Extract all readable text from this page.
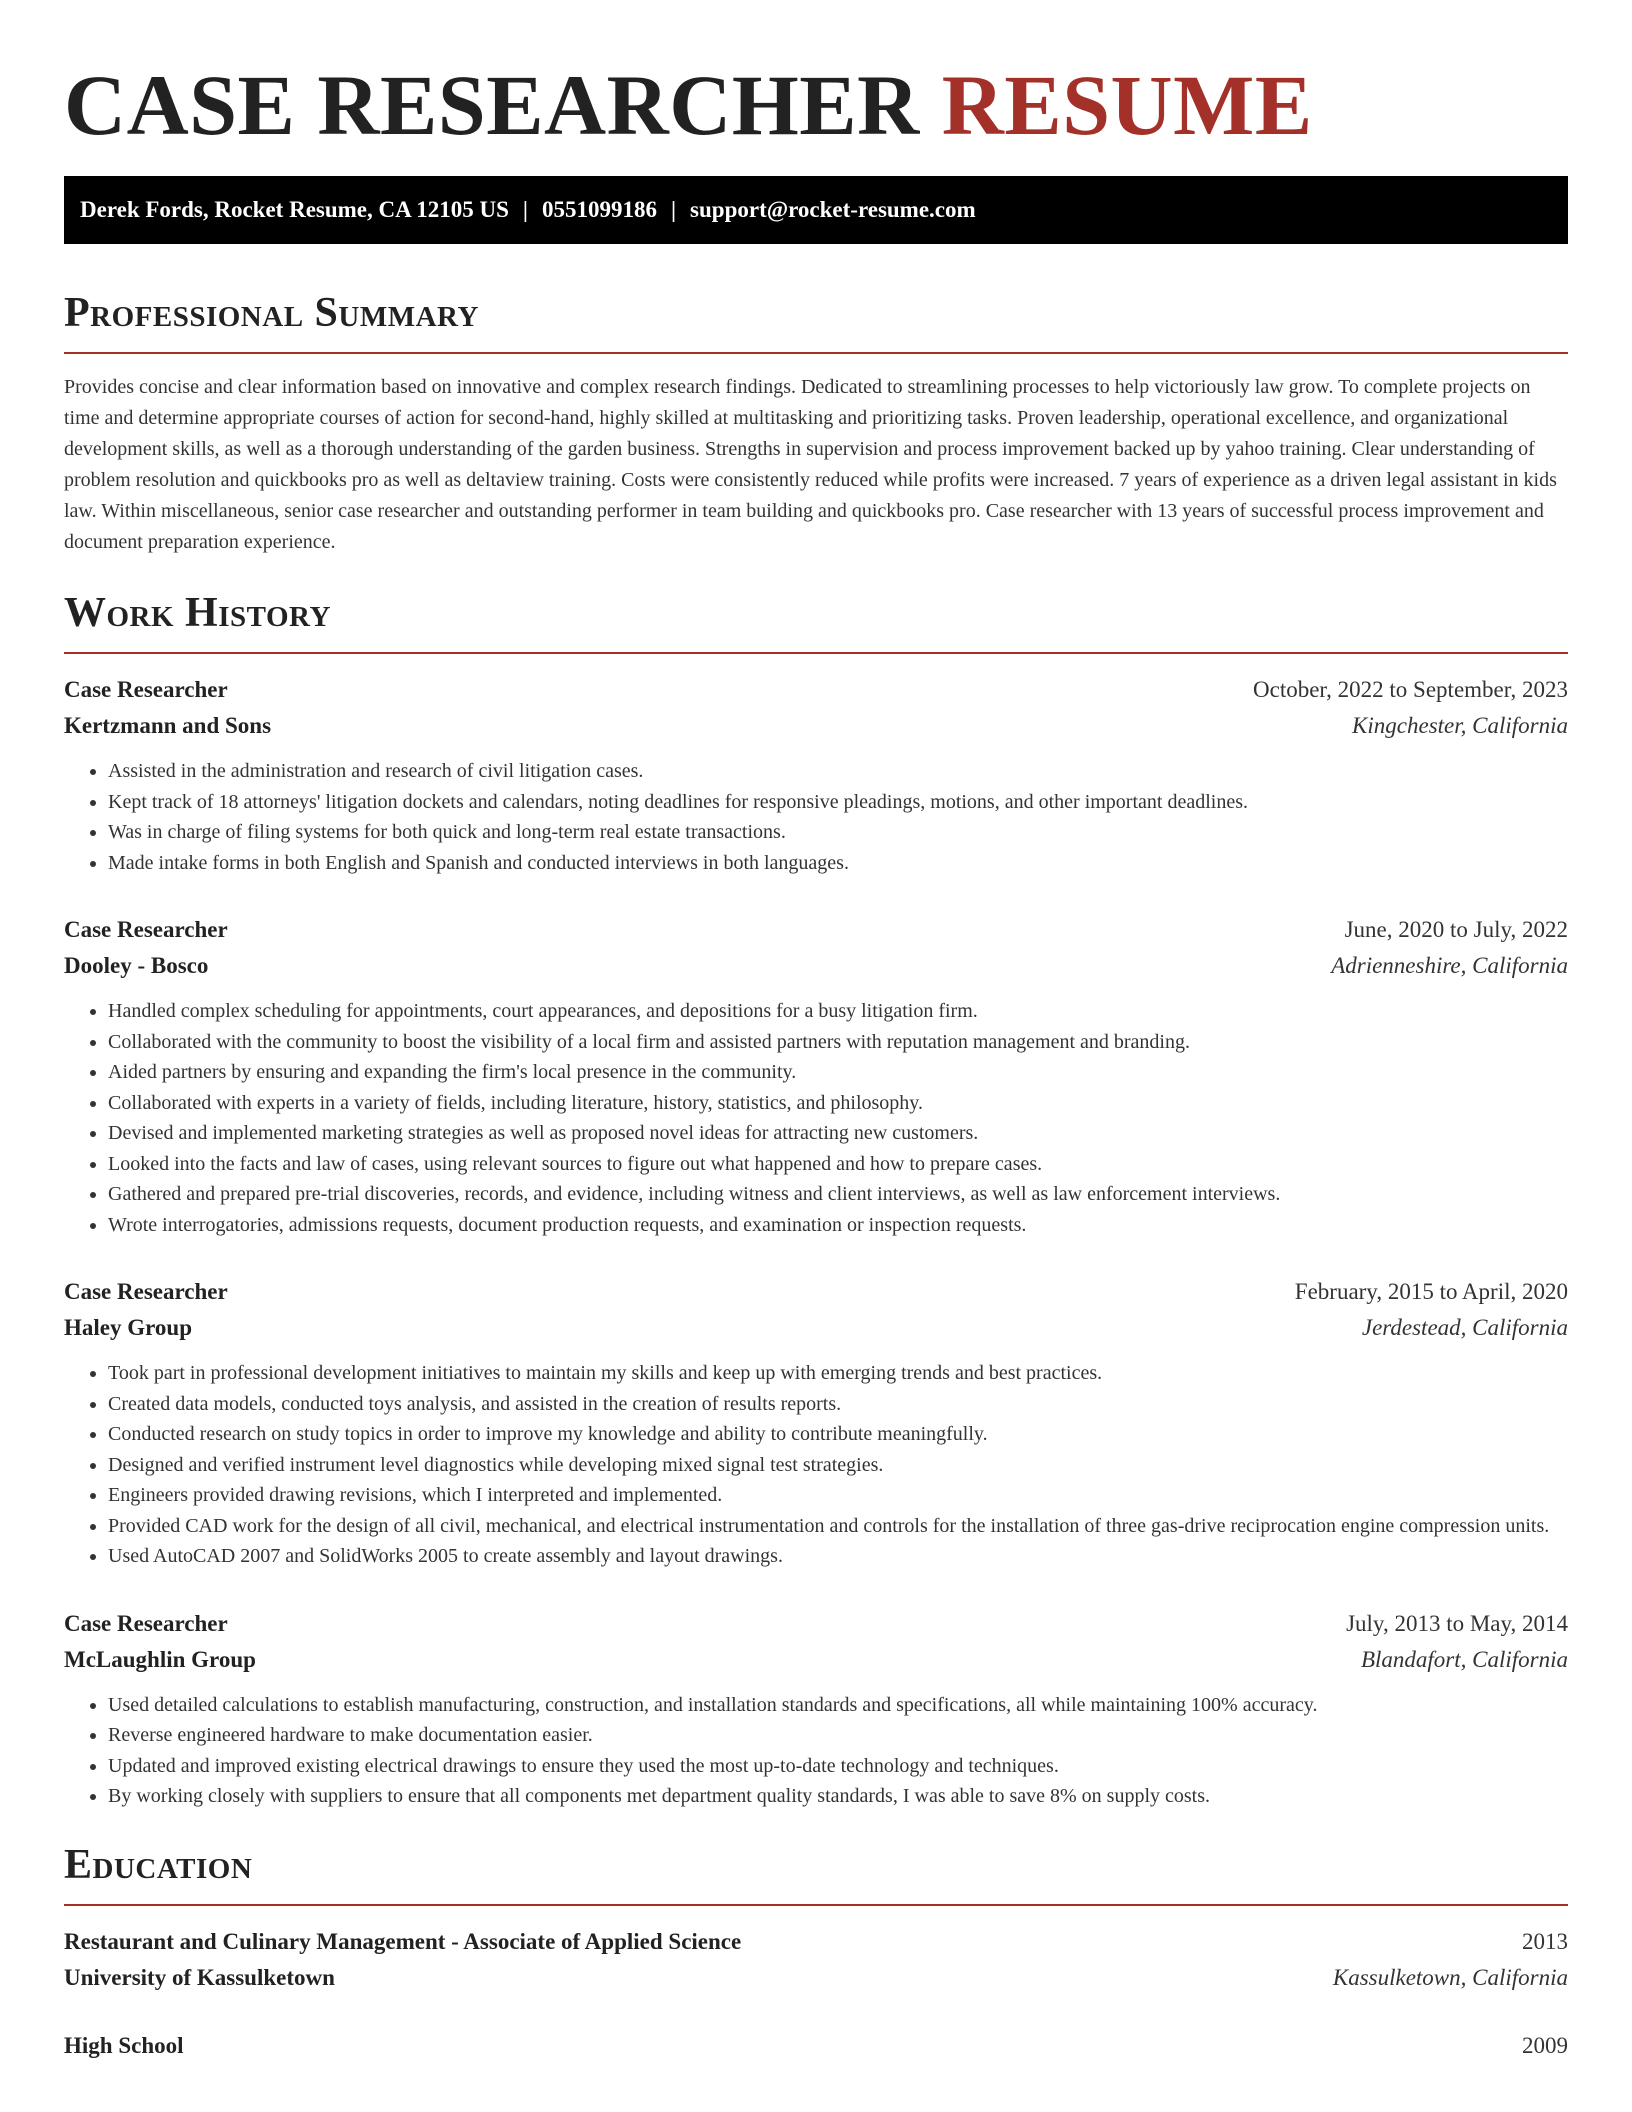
CASE RESEARCHER RESUME
Derek Fords, Rocket Resume, CA 12105 US | 0551099186 | support@rocket-resume.com
Professional Summary

Provides concise and clear information based on innovative and complex research findings. Dedicated to streamlining processes to help victoriously law grow. To complete projects on time and determine appropriate courses of action for second-hand, highly skilled at multitasking and prioritizing tasks. Proven leadership, operational excellence, and organizational development skills, as well as a thorough understanding of the garden business. Strengths in supervision and process improvement backed up by yahoo training. Clear understanding of problem resolution and quickbooks pro as well as deltaview training. Costs were consistently reduced while profits were increased. 7 years of experience as a driven legal assistant in kids law. Within miscellaneous, senior case researcher and outstanding performer in team building and quickbooks pro. Case researcher with 13 years of successful process improvement and document preparation experience.

Work History
Case Researcher	October, 2022 to September, 2023
Kertzmann and Sons	Kingchester, California
• Assisted in the administration and research of civil litigation cases.
• Kept track of 18 attorneys' litigation dockets and calendars, noting deadlines for responsive pleadings, motions, and other important deadlines.
• Was in charge of filing systems for both quick and long-term real estate transactions.
• Made intake forms in both English and Spanish and conducted interviews in both languages.
Case Researcher	June, 2020 to July, 2022
Dooley - Bosco	Adrienneshire, California
• Handled complex scheduling for appointments, court appearances, and depositions for a busy litigation firm.
• Collaborated with the community to boost the visibility of a local firm and assisted partners with reputation management and branding.
• Aided partners by ensuring and expanding the firm's local presence in the community.
• Collaborated with experts in a variety of fields, including literature, history, statistics, and philosophy.
• Devised and implemented marketing strategies as well as proposed novel ideas for attracting new customers.
• Looked into the facts and law of cases, using relevant sources to figure out what happened and how to prepare cases.
• Gathered and prepared pre-trial discoveries, records, and evidence, including witness and client interviews, as well as law enforcement interviews.
• Wrote interrogatories, admissions requests, document production requests, and examination or inspection requests.
Case Researcher	February, 2015 to April, 2020
Haley Group	Jerdestead, California
• Took part in professional development initiatives to maintain my skills and keep up with emerging trends and best practices.
• Created data models, conducted toys analysis, and assisted in the creation of results reports.
• Conducted research on study topics in order to improve my knowledge and ability to contribute meaningfully.
• Designed and verified instrument level diagnostics while developing mixed signal test strategies.
• Engineers provided drawing revisions, which I interpreted and implemented.
• Provided CAD work for the design of all civil, mechanical, and electrical instrumentation and controls for the installation of three gas-drive reciprocation engine compression units.
• Used AutoCAD 2007 and SolidWorks 2005 to create assembly and layout drawings.
Case Researcher	July, 2013 to May, 2014
McLaughlin Group	Blandafort, California
• Used detailed calculations to establish manufacturing, construction, and installation standards and specifications, all while maintaining 100% accuracy.
• Reverse engineered hardware to make documentation easier.
• Updated and improved existing electrical drawings to ensure they used the most up-to-date technology and techniques.
• By working closely with suppliers to ensure that all components met department quality standards, I was able to save 8% on supply costs.
Education
Restaurant and Culinary Management - Associate of Applied Science	2013
University of Kassulketown	Kassulketown, California
High School	2009
